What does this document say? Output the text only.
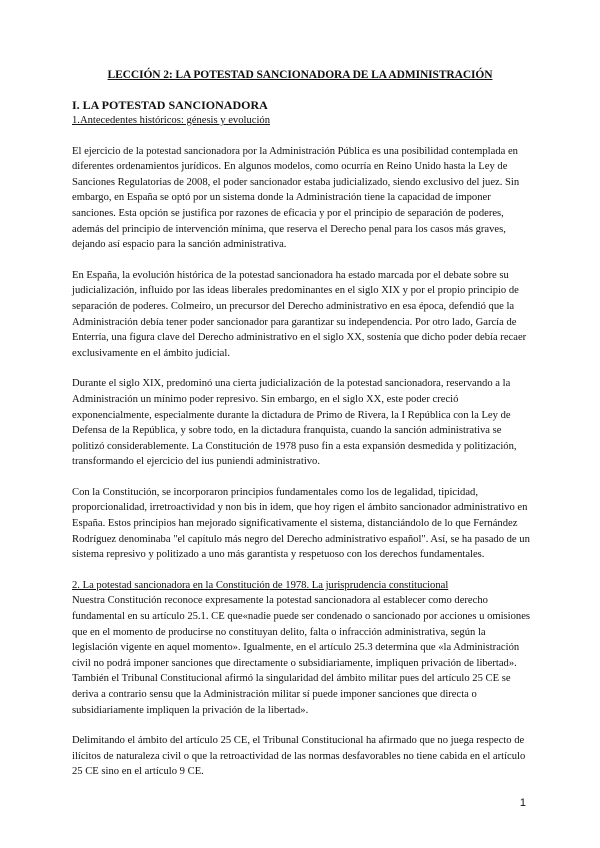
LECCIÓN 2: LA POTESTAD SANCIONADORA DE LA ADMINISTRACIÓN
I. LA POTESTAD SANCIONADORA
1.Antecedentes históricos: génesis y evolución

El ejercicio de la potestad sancionadora por la Administración Pública es una posibilidad contemplada en diferentes ordenamientos jurídicos. En algunos modelos, como ocurría en Reino Unido hasta la Ley de Sanciones Regulatorias de 2008, el poder sancionador estaba judicializado, siendo exclusivo del juez. Sin embargo, en España se optó por un sistema donde la Administración tiene la capacidad de imponer sanciones. Esta opción se justifica por razones de eficacia y por el principio de separación de poderes, además del principio de intervención mínima, que reserva el Derecho penal para los casos más graves, dejando así espacio para la sanción administrativa.

En España, la evolución histórica de la potestad sancionadora ha estado marcada por el debate sobre su judicialización, influido por las ideas liberales predominantes en el siglo XIX y por el propio principio de separación de poderes. Colmeiro, un precursor del Derecho administrativo en esa época, defendió que la Administración debía tener poder sancionador para garantizar su independencia. Por otro lado, García de Enterría, una figura clave del Derecho administrativo en el siglo XX, sostenía que dicho poder debía recaer exclusivamente en el ámbito judicial.

Durante el siglo XIX, predominó una cierta judicialización de la potestad sancionadora, reservando a la Administración un mínimo poder represivo. Sin embargo, en el siglo XX, este poder creció exponencialmente, especialmente durante la dictadura de Primo de Rivera, la I República con la Ley de Defensa de la República, y sobre todo, en la dictadura franquista, cuando la sanción administrativa se politizó considerablemente. La Constitución de 1978 puso fin a esta expansión desmedida y politización, transformando el ejercicio del ius puniendi administrativo.

Con la Constitución, se incorporaron principios fundamentales como los de legalidad, tipicidad, proporcionalidad, irretroactividad y non bis in idem, que hoy rigen el ámbito sancionador administrativo en España. Estos principios han mejorado significativamente el sistema, distanciándolo de lo que Fernández Rodríguez denominaba "el capítulo más negro del Derecho administrativo español". Así, se ha pasado de un sistema represivo y politizado a uno más garantista y respetuoso con los derechos fundamentales.

2. La potestad sancionadora en la Constitución de 1978. La jurisprudencia constitucional

Nuestra Constitución reconoce expresamente la potestad sancionadora al establecer como derecho fundamental en su artículo 25.1. CE que«nadie puede ser condenado o sancionado por acciones u omisiones que en el momento de producirse no constituyan delito, falta o infracción administrativa, según la legislación vigente en aquel momento». Igualmente, en el artículo 25.3 determina que «la Administración civil no podrá imponer sanciones que directamente o subsidiariamente, impliquen privación de libertad». También el Tribunal Constitucional afirmó la singularidad del ámbito militar pues del artículo 25 CE se deriva a contrario sensu que la Administración militar sí puede imponer sanciones que directa o subsidiariamente impliquen la privación de la libertad».

Delimitando el ámbito del artículo 25 CE, el Tribunal Constitucional ha afirmado que no juega respecto de ilícitos de naturaleza civil o que la retroactividad de las normas desfavorables no tiene cabida en el artículo 25 CE sino en el artículo 9 CE.

1
